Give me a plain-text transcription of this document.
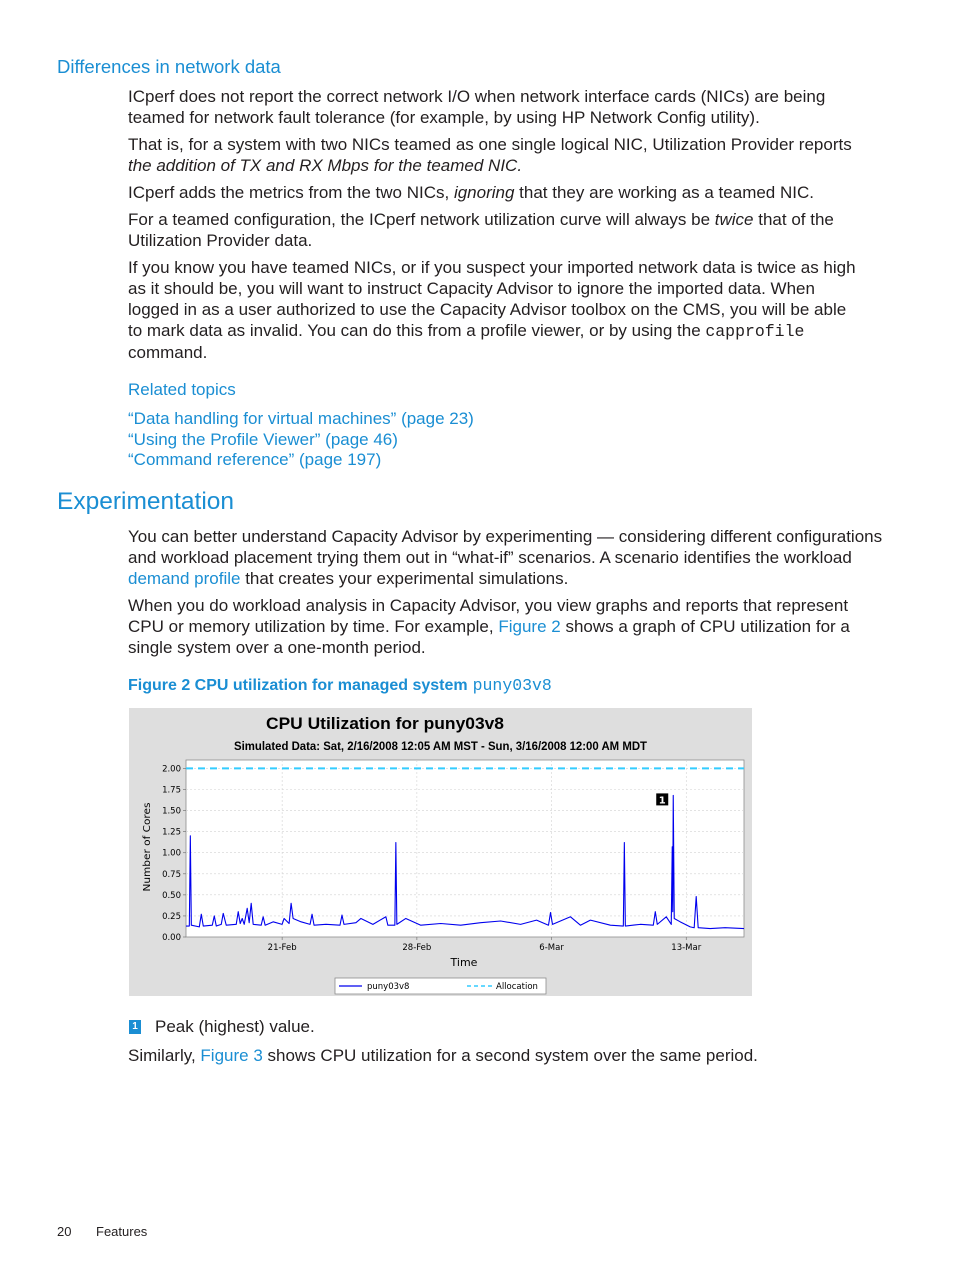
Differences in network data
ICperf does not report the correct network I/O when network interface cards (NICs) are being
teamed for network fault tolerance (for example, by using HP Network Config utility).
That is, for a system with two NICs teamed as one single logical NIC, Utilization Provider reports
the addition of TX and RX Mbps for the teamed NIC.
ICperf adds the metrics from the two NICs, ignoring that they are working as a teamed NIC.
For a teamed configuration, the ICperf network utilization curve will always be twice that of the
Utilization Provider data.
If you know you have teamed NICs, or if you suspect your imported network data is twice as high
as it should be, you will want to instruct Capacity Advisor to ignore the imported data. When
logged in as a user authorized to use the Capacity Advisor toolbox on the CMS, you will be able
to mark data as invalid. You can do this from a profile viewer, or by using the capprofile
command.
Related topics
“Data handling for virtual machines” (page 23)
“Using the Profile Viewer” (page 46)
“Command reference” (page 197)
Experimentation
You can better understand Capacity Advisor by experimenting — considering different configurations
and workload placement trying them out in “what-if” scenarios. A scenario identifies the workload
demand profile that creates your experimental simulations.
When you do workload analysis in Capacity Advisor, you view graphs and reports that represent
CPU or memory utilization by time. For example, Figure 2 shows a graph of CPU utilization for a
single system over a one-month period.
Figure 2 CPU utilization for managed system puny03v8
CPU Utilization for puny03v8
Simulated Data: Sat, 2/16/2008 12:05 AM MST - Sun, 3/16/2008 12:00 AM MDT
0.00
0.25
0.50
0.75
1.00
1.25
1.50
1.75
2.00
21-Feb	28-Feb	6-Mar	13-Mar
Number of Cores
Time
puny03v8	Allocation
1
1 Peak (highest) value.
Similarly, Figure 3 shows CPU utilization for a second system over the same period.
20 Features
